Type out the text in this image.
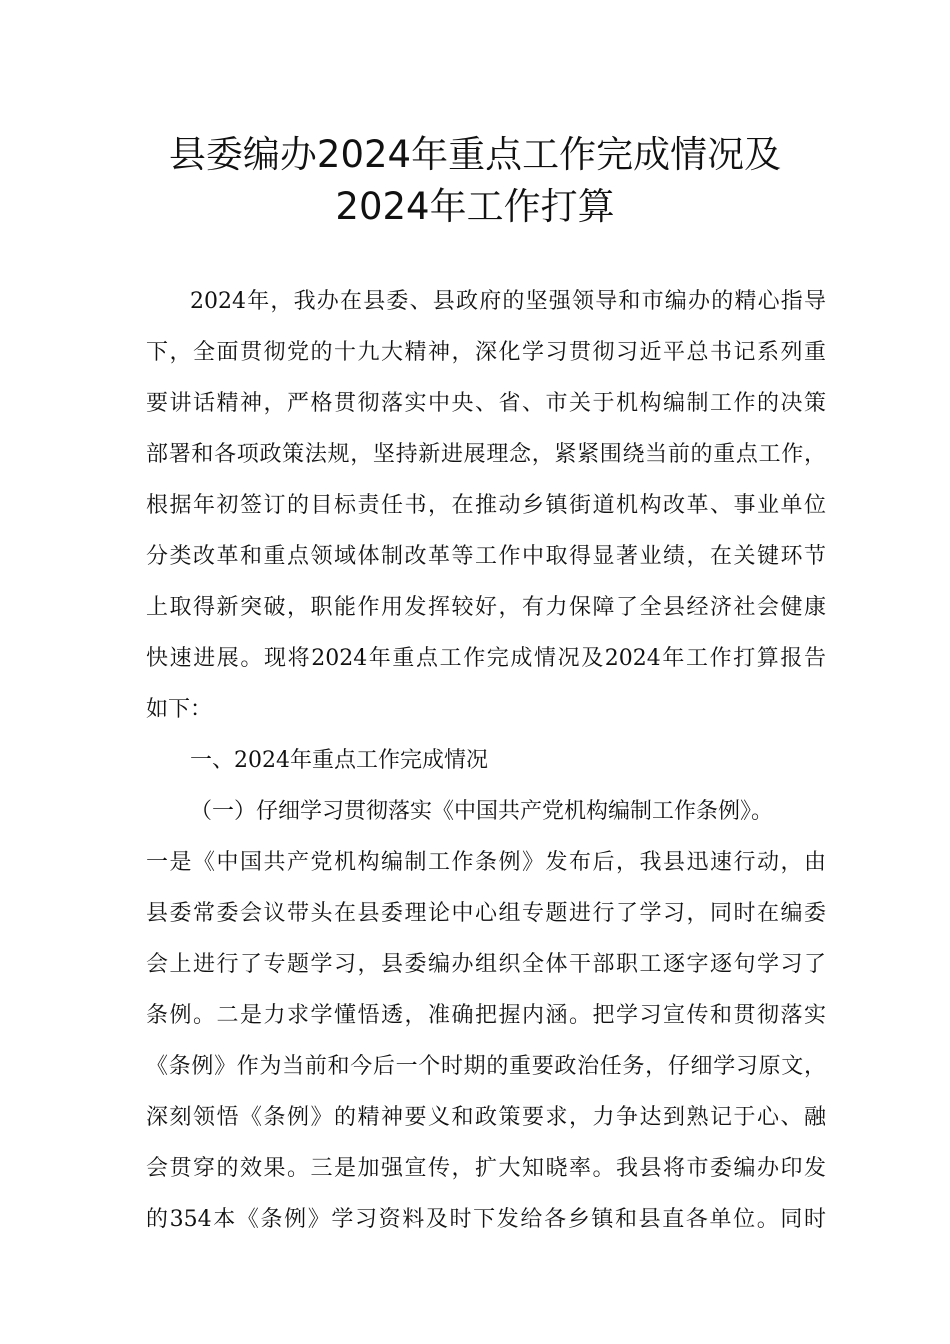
县委编办2024年重点工作完成情况及
2024年工作打算

2024年，我办在县委、县政府的坚强领导和市编办的精心指导

下，全面贯彻党的十九大精神，深化学习贯彻习近平总书记系列重

要讲话精神，严格贯彻落实中央、省、市关于机构编制工作的决策

部署和各项政策法规，坚持新进展理念，紧紧围绕当前的重点工作，

根据年初签订的目标责任书，在推动乡镇街道机构改革、事业单位

分类改革和重点领域体制改革等工作中取得显著业绩，在关键环节

上取得新突破，职能作用发挥较好，有力保障了全县经济社会健康

快速进展。现将2024年重点工作完成情况及2024年工作打算报告

如下：

一、2024年重点工作完成情况

（一）仔细学习贯彻落实《中国共产党机构编制工作条例》。

一是《中国共产党机构编制工作条例》发布后，我县迅速行动，由

县委常委会议带头在县委理论中心组专题进行了学习，同时在编委

会上进行了专题学习，县委编办组织全体干部职工逐字逐句学习了

条例。二是力求学懂悟透，准确把握内涵。把学习宣传和贯彻落实

《条例》作为当前和今后一个时期的重要政治任务，仔细学习原文，

深刻领悟《条例》的精神要义和政策要求，力争达到熟记于心、融

会贯穿的效果。三是加强宣传，扩大知晓率。我县将市委编办印发

的354本《条例》学习资料及时下发给各乡镇和县直各单位。同时
